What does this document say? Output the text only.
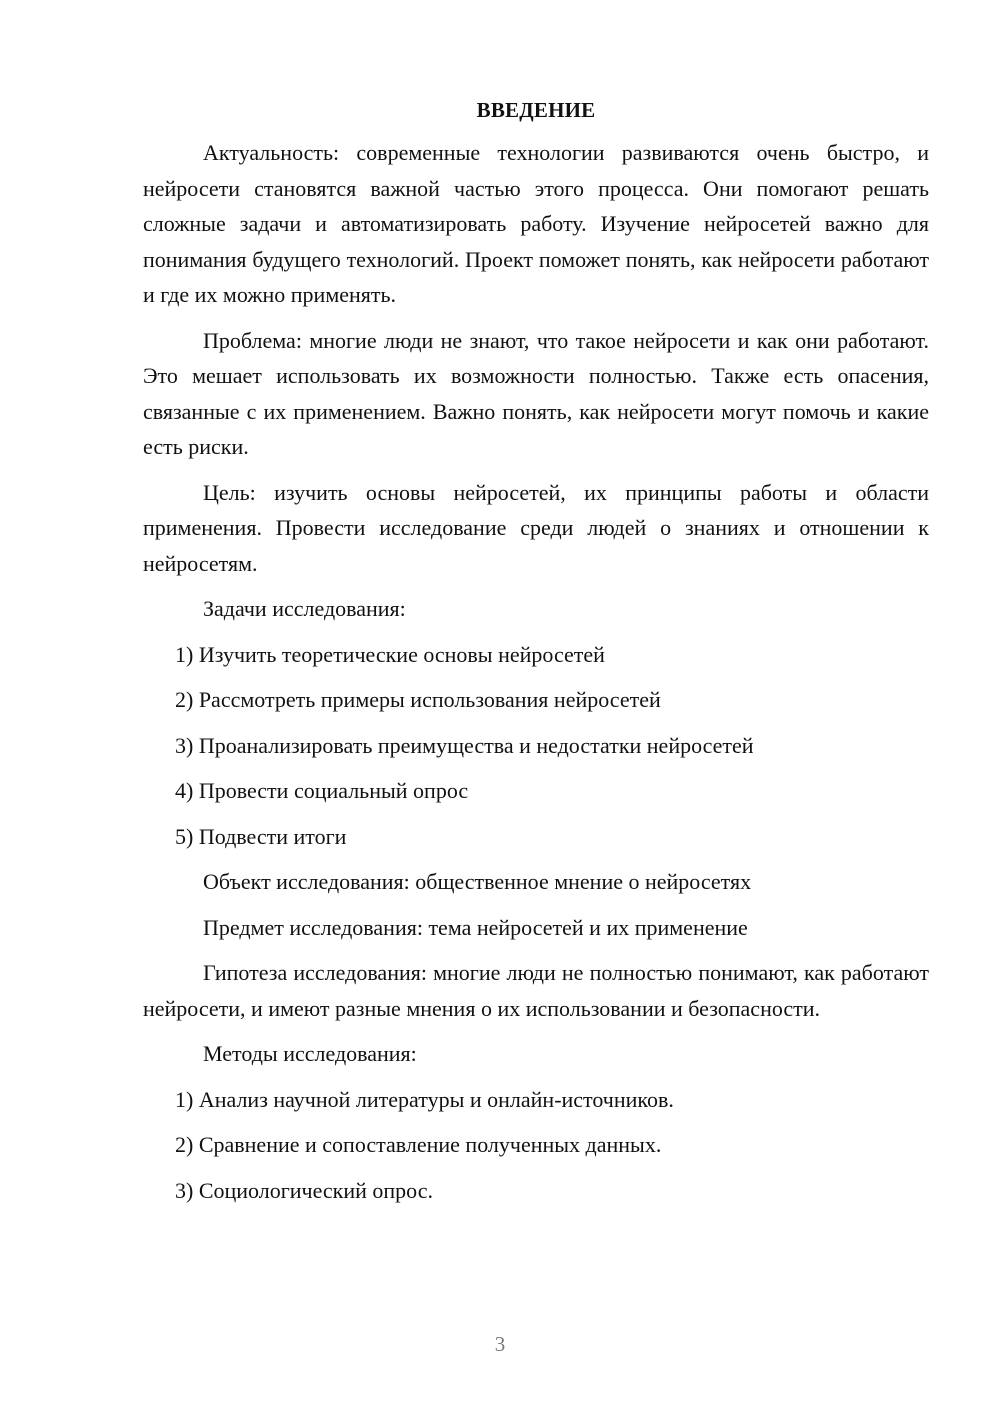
ВВЕДЕНИЕ

Актуальность: современные технологии развиваются очень быстро, и нейросети становятся важной частью этого процесса. Они помогают решать сложные задачи и автоматизировать работу. Изучение нейросетей важно для понимания будущего технологий. Проект поможет понять, как нейросети работают и где их можно применять.

Проблема: многие люди не знают, что такое нейросети и как они работают. Это мешает использовать их возможности полностью. Также есть опасения, связанные с их применением. Важно понять, как нейросети могут помочь и какие есть риски.

Цель: изучить основы нейросетей, их принципы работы и области применения. Провести исследование среди людей о знаниях и отношении к нейросетям.

Задачи исследования:

1) Изучить теоретические основы нейросетей

2) Рассмотреть примеры использования нейросетей

3) Проанализировать преимущества и недостатки нейросетей

4) Провести социальный опрос

5) Подвести итоги

Объект исследования: общественное мнение о нейросетях

Предмет исследования: тема нейросетей и их применение

Гипотеза исследования: многие люди не полностью понимают, как работают нейросети, и имеют разные мнения о их использовании и безопасности.

Методы исследования:

1) Анализ научной литературы и онлайн-источников.

2) Сравнение и сопоставление полученных данных.

3) Социологический опрос.

3
